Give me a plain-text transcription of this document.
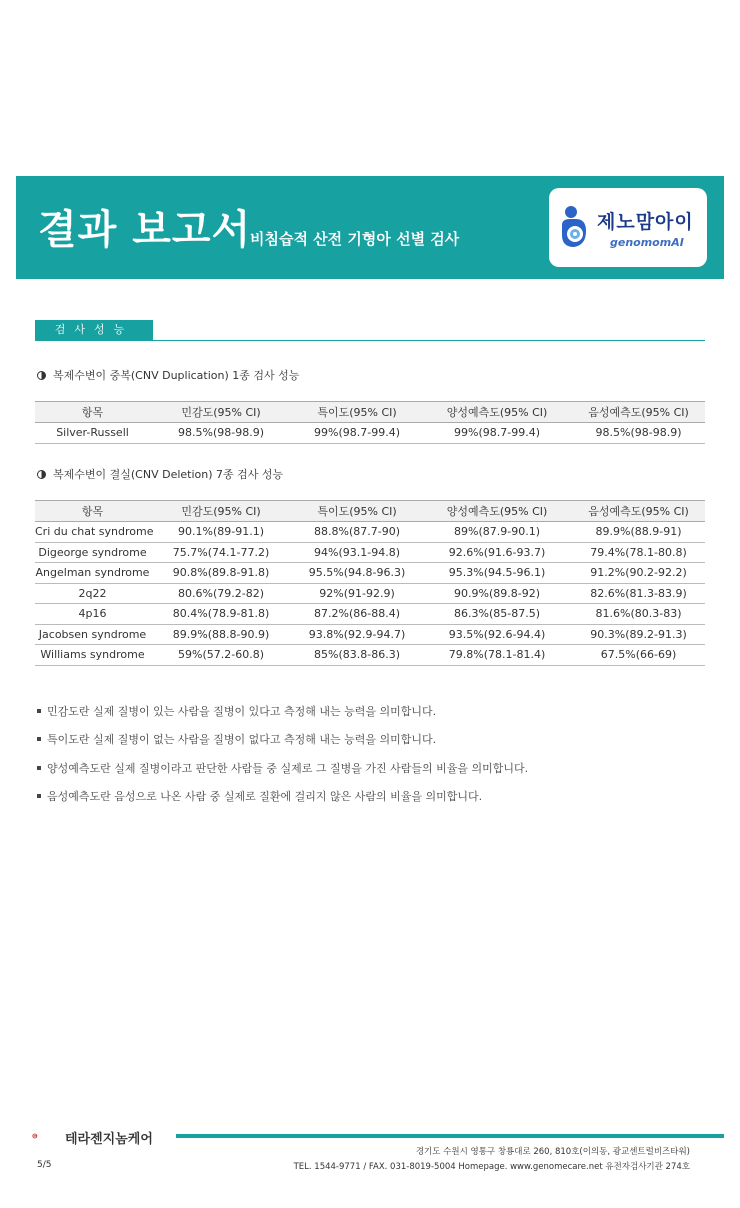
결과 보고서
비침습적 산전 기형아 선별 검사
제노맘아이
genomomAI
검사성능
복제수변이 중복(CNV Duplication) 1종 검사 성능
항목	민감도(95% CI)	특이도(95% CI)	양성예측도(95% CI)	음성예측도(95% CI)
Silver-Russell	98.5%(98-98.9)	99%(98.7-99.4)	99%(98.7-99.4)	98.5%(98-98.9)
복제수변이 결실(CNV Deletion) 7종 검사 성능
항목	민감도(95% CI)	특이도(95% CI)	양성예측도(95% CI)	음성예측도(95% CI)
Cri du chat syndrome	90.1%(89-91.1)	88.8%(87.7-90)	89%(87.9-90.1)	89.9%(88.9-91)
Digeorge syndrome	75.7%(74.1-77.2)	94%(93.1-94.8)	92.6%(91.6-93.7)	79.4%(78.1-80.8)
Angelman syndrome	90.8%(89.8-91.8)	95.5%(94.8-96.3)	95.3%(94.5-96.1)	91.2%(90.2-92.2)
2q22	80.6%(79.2-82)	92%(91-92.9)	90.9%(89.8-92)	82.6%(81.3-83.9)
4p16	80.4%(78.9-81.8)	87.2%(86-88.4)	86.3%(85-87.5)	81.6%(80.3-83)
Jacobsen syndrome	89.9%(88.8-90.9)	93.8%(92.9-94.7)	93.5%(92.6-94.4)	90.3%(89.2-91.3)
Williams syndrome	59%(57.2-60.8)	85%(83.8-86.3)	79.8%(78.1-81.4)	67.5%(66-69)
민감도란 실제 질병이 있는 사람을 질병이 있다고 측정해 내는 능력을 의미합니다.
특이도란 실제 질병이 없는 사람을 질병이 없다고 측정해 내는 능력을 의미합니다.
양성예측도란 실제 질병이라고 판단한 사람들 중 실제로 그 질병을 가진 사람들의 비율을 의미합니다.
음성예측도란 음성으로 나온 사람 중 실제로 질환에 걸리지 않은 사람의 비율을 의미합니다.
테라젠지놈케어
경기도 수원시 영통구 창룡대로 260, 810호(이의동, 광교센트럴비즈타워)
TEL. 1544-9771 / FAX. 031-8019-5004 Homepage. www.genomecare.net 유전자검사기관 274호
5/5
